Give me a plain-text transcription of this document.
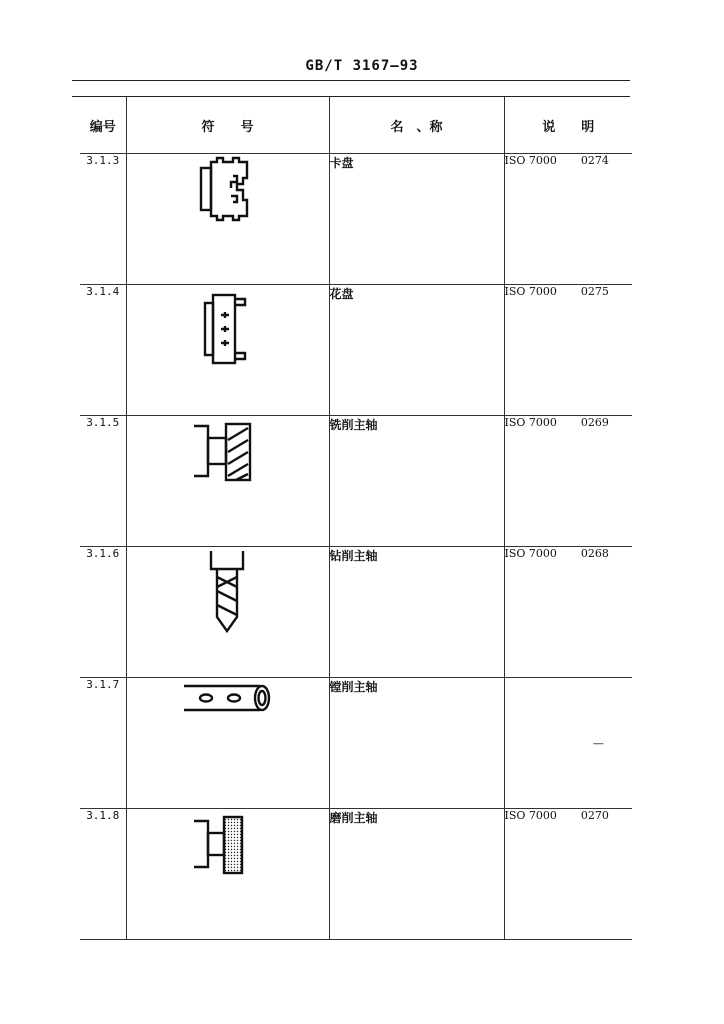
GB/T 3167—93
编号	符　　号	名　、称	说　　明
3.1.3		卡盘	ISO 7000 0274
3.1.4		花盘	ISO 7000 0275
3.1.5		铣削主轴	ISO 7000 0269
3.1.6		钻削主轴	ISO 7000 0268
3.1.7		镗削主轴	—
3.1.8		磨削主轴	ISO 7000 0270
